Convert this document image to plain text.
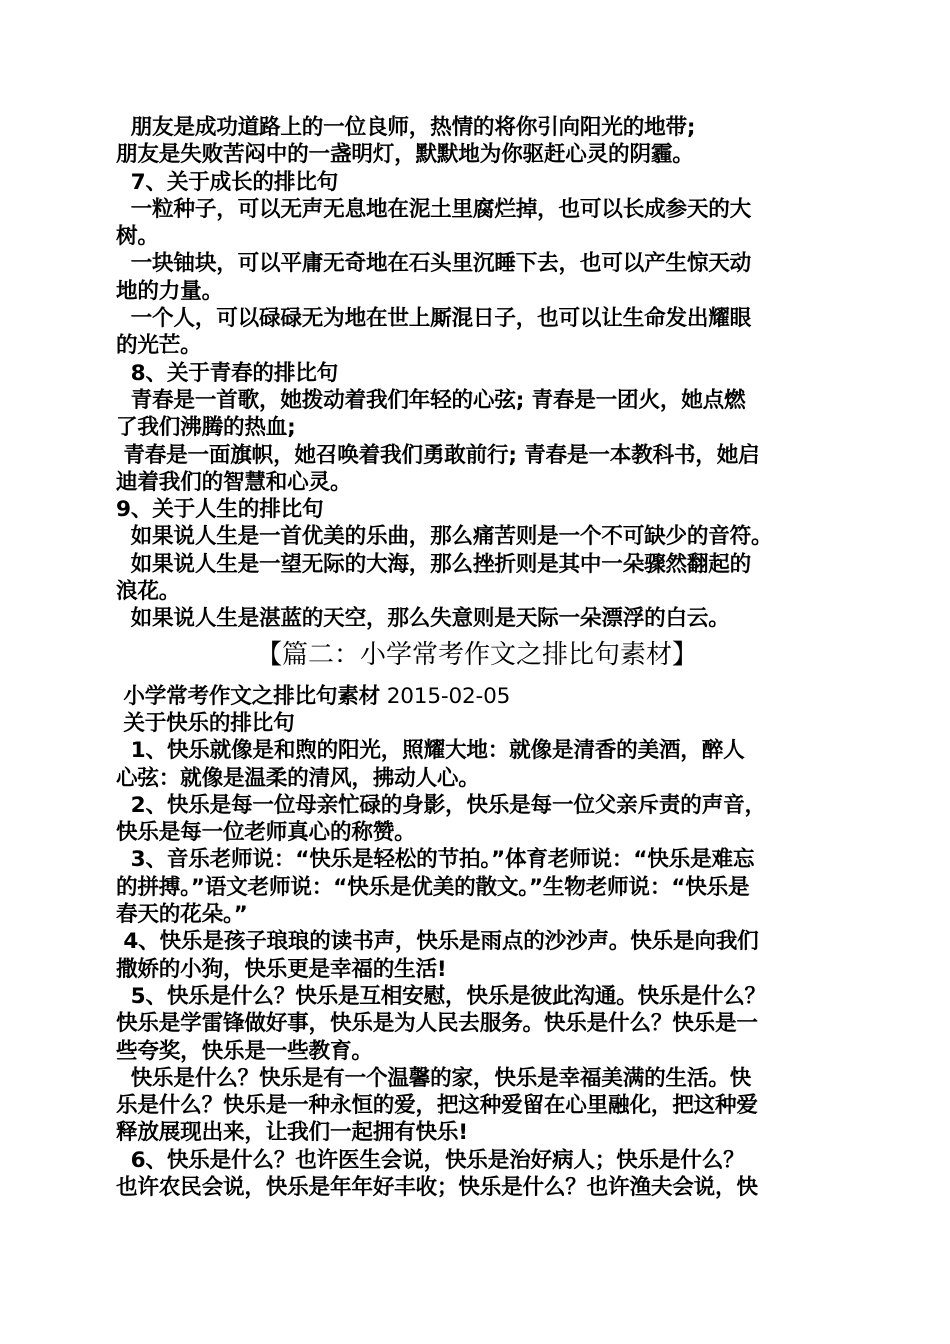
朋友是成功道路上的一位良师，热情的将你引向阳光的地带;
朋友是失败苦闷中的一盏明灯，默默地为你驱赶心灵的阴霾。
7、关于成长的排比句
一粒种子，可以无声无息地在泥土里腐烂掉，也可以长成参天的大
树。
一块铀块，可以平庸无奇地在石头里沉睡下去，也可以产生惊天动
地的力量。
一个人，可以碌碌无为地在世上厮混日子，也可以让生命发出耀眼
的光芒。
8、关于青春的排比句
青春是一首歌，她拨动着我们年轻的心弦; 青春是一团火，她点燃
了我们沸腾的热血;
青春是一面旗帜，她召唤着我们勇敢前行; 青春是一本教科书，她启
迪着我们的智慧和心灵。
9、关于人生的排比句
如果说人生是一首优美的乐曲，那么痛苦则是一个不可缺少的音符。
如果说人生是一望无际的大海，那么挫折则是其中一朵骤然翻起的
浪花。
如果说人生是湛蓝的天空，那么失意则是天际一朵漂浮的白云。
【篇二：小学常考作文之排比句素材】
小学常考作文之排比句素材 2015-02-05
关于快乐的排比句
1、快乐就像是和煦的阳光，照耀大地：就像是清香的美酒，醉人
心弦：就像是温柔的清风，拂动人心。
2、快乐是每一位母亲忙碌的身影，快乐是每一位父亲斥责的声音，
快乐是每一位老师真心的称赞。
3、音乐老师说：“快乐是轻松的节拍。”体育老师说：“快乐是难忘
的拼搏。”语文老师说：“快乐是优美的散文。”生物老师说：“快乐是
春天的花朵。”
4、快乐是孩子琅琅的读书声，快乐是雨点的沙沙声。快乐是向我们
撒娇的小狗，快乐更是幸福的生活!
5、快乐是什么？快乐是互相安慰，快乐是彼此沟通。快乐是什么？
快乐是学雷锋做好事，快乐是为人民去服务。快乐是什么？快乐是一
些夸奖，快乐是一些教育。
快乐是什么？快乐是有一个温馨的家，快乐是幸福美满的生活。快
乐是什么？快乐是一种永恒的爱，把这种爱留在心里融化，把这种爱
释放展现出来，让我们一起拥有快乐!
6、快乐是什么？也许医生会说，快乐是治好病人；快乐是什么？
也许农民会说，快乐是年年好丰收；快乐是什么？也许渔夫会说，快
